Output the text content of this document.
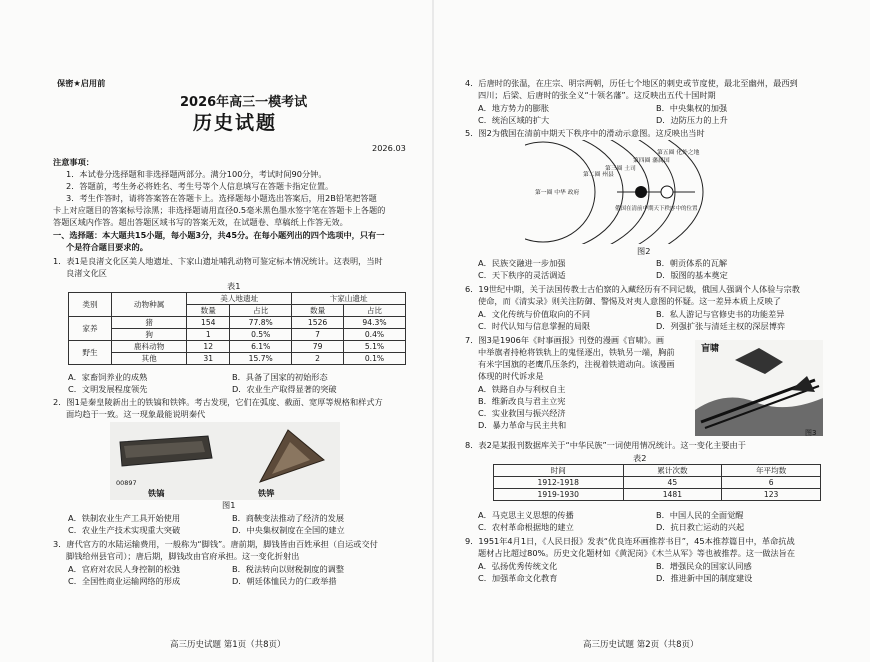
保密★启用前
2026年高三一模考试
历史试题
2026.03
注意事项：
1．本试卷分选择题和非选择题两部分。满分100分，考试时间90分钟。
2．答题前，考生务必将姓名、考生号等个人信息填写在答题卡指定位置。
3．考生作答时，请将答案答在答题卡上。选择题每小题选出答案后，用2B铅笔把答题
卡上对应题目的答案标号涂黑；非选择题请用直径0.5毫米黑色墨水签字笔在答题卡上各题的
答题区域内作答。超出答题区域书写的答案无效，在试题卷、草稿纸上作答无效。
一、选择题：本大题共15小题，每小题3分，共45分。在每小题列出的四个选项中，只有一
个是符合题目要求的。
1．表1是良渚文化区美人地遗址、卞家山遗址哺乳动物可鉴定标本情况统计。这表明，当时
良渚文化区
表1
类别	动物种属	美人地遗址		卞家山遗址	
		数量	占比	数量	占比
家养	猪	154	77.8%	1526	94.3%
	狗	1	0.5%	7	0.4%
野生	鹿科动物	12	6.1%	79	5.1%
	其他	31	15.7%	2	0.1%
A．家畜饲养业的成熟	B．具备了国家的初始形态
C．文明发展程度领先	D．农业生产取得显著的突破
2．图1是秦皇陵新出土的铁镐和铁铧。考古发现，它们在弧度、截面、宽厚等规格和样式方
面均趋于一致。这一现象最能说明秦代
00897
铁镐	铁铧
图1
A．铁制农业生产工具开始使用	B．商鞅变法推动了经济的发展
C．农业生产技术实现重大突破	D．中央集权制度在全国的建立
3．唐代官方的水陆运输费用，一般称为“脚钱”。唐前期，脚钱皆由百姓承担（自运或交付
脚钱给州县官司）；唐后期，脚钱改由官府承担。这一变化折射出
A．官府对农民人身控制的松弛	B．税法转向以财税制度的调整
C．全国性商业运输网络的形成	D．朝廷体恤民力的仁政举措
高三历史试题 第1页（共8页）
4．后唐时的张温，在庄宗、明宗两朝，历任七个地区的刺史或节度使，最北至幽州，最西到
四川；后梁、后唐时的张全义“十领名藩”。这反映出五代十国时期
A．地方势力的膨胀	B．中央集权的加强
C．统治区域的扩大	D．边防压力的上升
5．图2为俄国在清前中期天下秩序中的滑动示意图。这反映出当时
第一圈 中华 政府
第二圈 州县
第三圈 土司
第四圈 藩属国
第五圈 化外之地
俄国在清前中期天下秩序中的位置
图2
A．民族交融进一步加强	B．朝贡体系的瓦解
C．天下秩序的灵活调适	D．版图的基本奠定
6．19世纪中期，关于法国传教士古伯察的入藏经历有不同记载，俄国人强调个人体验与宗教
使命，而《清实录》则关注防御、警惕及对夷人意图的怀疑。这一差异本质上反映了
A．文化传统与价值取向的不同	B．私人游记与官修史书的功能差异
C．时代认知与信息掌握的局限	D．列强扩张与清廷主权的深层博弈
7．图3是1906年《时事画报》刊登的漫画《盲啸》。画
中举旗者持枪将铁轨上的鬼怪逐出，铁轨另一端，胸前
有米字国旗的老鹰爪压条约，注视着铁道动向。该漫画
体现的时代诉求是
盲啸
图3
A．铁路自办与利权自主
B．维新改良与君主立宪
C．实业救国与振兴经济
D．暴力革命与民主共和
8．表2是某报刊数据库关于“中华民族”一词使用情况统计。这一变化主要由于
表2
时间	累计次数	年平均数
1912-1918	45	6
1919-1930	1481	123
A．马克思主义思想的传播	B．中国人民的全面觉醒
C．农村革命根据地的建立	D．抗日救亡运动的兴起
9．1951年4月1日，《人民日报》发表“优良连环画推荐书目”，45本推荐篇目中，革命抗战
题材占比超过80%。历史文化题材如《黄泥岗》《木兰从军》等也被推荐。这一做法旨在
A．弘扬优秀传统文化	B．增强民众的国家认同感
C．加强革命文化教育	D．推进新中国的制度建设
高三历史试题 第2页（共8页）
